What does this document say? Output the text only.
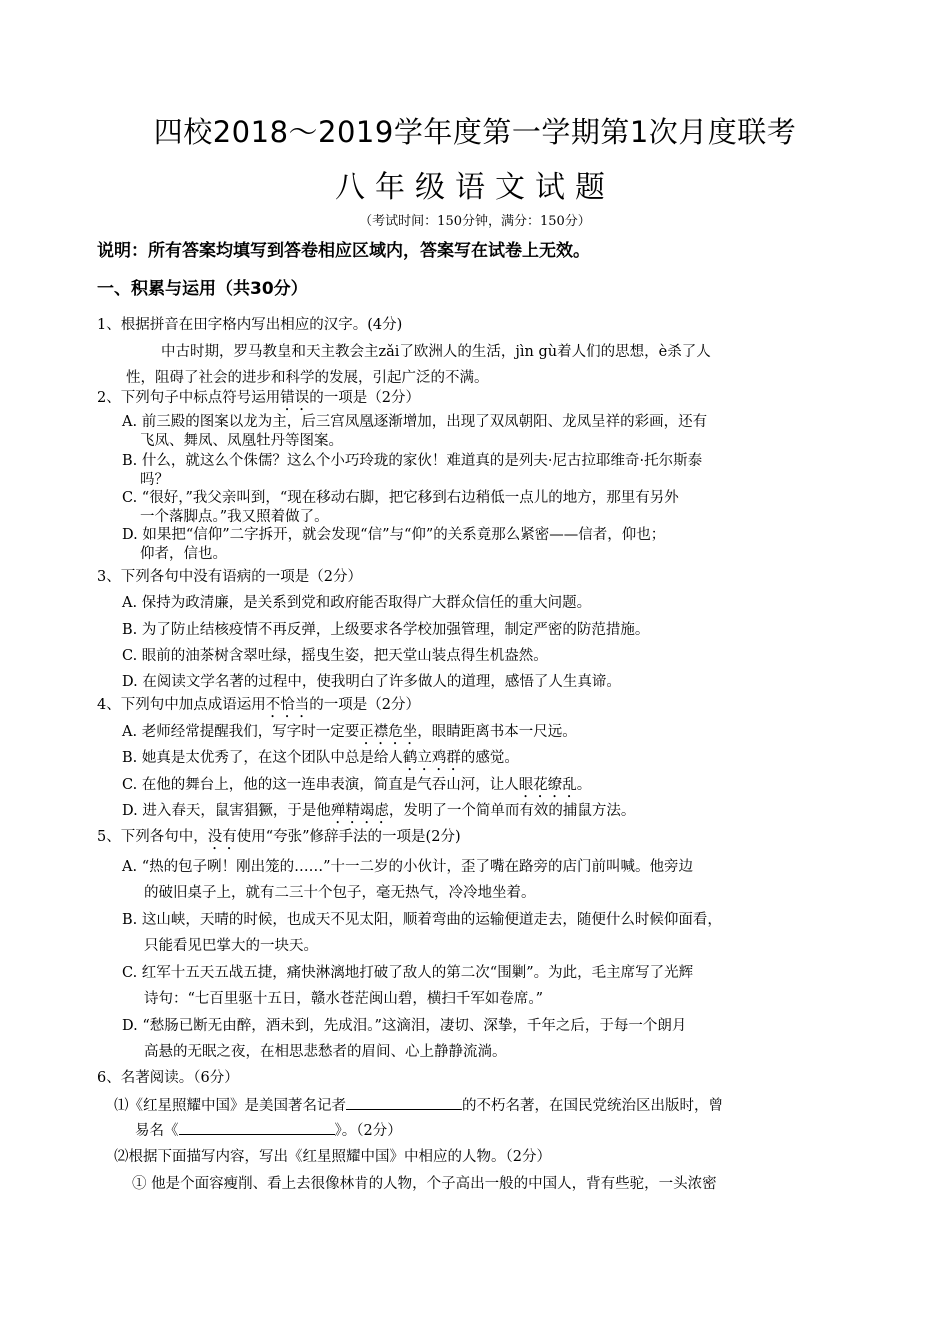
四校2018～2019学年度第一学期第1次月度联考
八年级语文试题
（考试时间：150分钟，满分：150分）
说明：所有答案均填写到答卷相应区域内，答案写在试卷上无效。
一、积累与运用（共30分）
1、根据拼音在田字格内写出相应的汉字。(4分)
中古时期，罗马教皇和天主教会主zǎi了欧洲人的生活，jìn gù着人们的思想，è杀了人
性，阻碍了社会的进步和科学的发展，引起广泛的不满。
2、下列句子中标点符号运用错误的一项是（2分）
A. 前三殿的图案以龙为主，后三宫凤凰逐渐增加，出现了双凤朝阳、龙凤呈祥的彩画，还有
飞凤、舞凤、凤凰牡丹等图案。
B. 什么，就这么个侏儒？这么个小巧玲珑的家伙！难道真的是列夫·尼古拉耶维奇·托尔斯泰
吗？
C. “很好，”我父亲叫到，“现在移动右脚，把它移到右边稍低一点儿的地方，那里有另外
一个落脚点。”我又照着做了。
D. 如果把“信仰”二字拆开，就会发现“信”与“仰”的关系竟那么紧密——信者，仰也；
仰者，信也。
3、下列各句中没有语病的一项是（2分）
A. 保持为政清廉，是关系到党和政府能否取得广大群众信任的重大问题。
B. 为了防止结核疫情不再反弹，上级要求各学校加强管理，制定严密的防范措施。
C. 眼前的油茶树含翠吐绿，摇曳生姿，把天堂山装点得生机盎然。
D. 在阅读文学名著的过程中，使我明白了许多做人的道理，感悟了人生真谛。
4、下列句中加点成语运用不恰当的一项是（2分）
A. 老师经常提醒我们，写字时一定要正襟危坐，眼睛距离书本一尺远。
B. 她真是太优秀了，在这个团队中总是给人鹤立鸡群的感觉。
C. 在他的舞台上，他的这一连串表演，简直是气吞山河，让人眼花缭乱。
D. 进入春天，鼠害猖獗，于是他殚精竭虑，发明了一个简单而有效的捕鼠方法。
5、下列各句中，没有使用“夸张”修辞手法的一项是(2分)
A. “热的包子咧！刚出笼的……”十一二岁的小伙计，歪了嘴在路旁的店门前叫喊。他旁边
的破旧桌子上，就有二三十个包子，毫无热气，冷冷地坐着。
B. 这山峡，天晴的时候，也成天不见太阳，顺着弯曲的运输便道走去，随便什么时候仰面看，
只能看见巴掌大的一块天。
C. 红军十五天五战五捷，痛快淋漓地打破了敌人的第二次“围剿”。为此，毛主席写了光辉
诗句：“七百里驱十五日，赣水苍茫闽山碧，横扫千军如卷席。”
D. “愁肠已断无由醉，酒未到，先成泪。”这滴泪，凄切、深挚，千年之后，于每一个朗月
高悬的无眠之夜，在相思悲愁者的眉间、心上静静流淌。
6、名著阅读。（6分）
⑴《红星照耀中国》是美国著名记者	的不朽名著，在国民党统治区出版时，曾
易名《	》。（2分）
⑵根据下面描写内容，写出《红星照耀中国》中相应的人物。（2分）
① 他是个面容瘦削、看上去很像林肯的人物，个子高出一般的中国人，背有些驼，一头浓密
